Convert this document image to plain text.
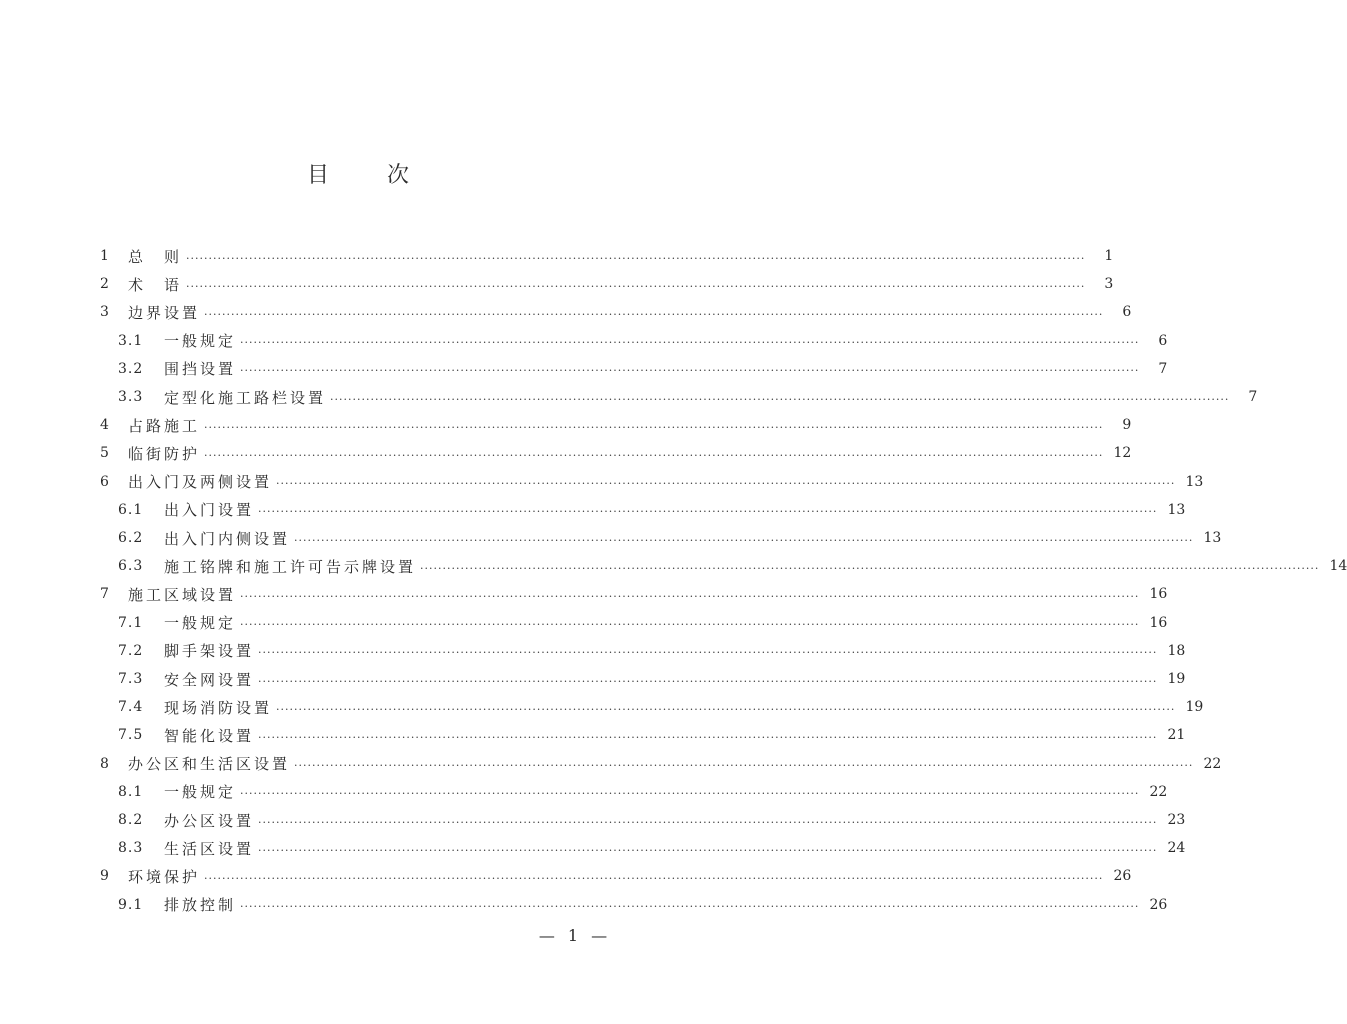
目　次
1	总　则 ········································································································································································································	1
2	术　语 ········································································································································································································	3
3	边界设置 ········································································································································································································	6
3.1	一般规定 ········································································································································································································	6
3.2	围挡设置 ········································································································································································································	7
3.3	定型化施工路栏设置 ········································································································································································································	7
4	占路施工 ········································································································································································································	9
5	临街防护 ········································································································································································································ 12
6	出入门及两侧设置 ········································································································································································································ 13
6.1	出入门设置 ········································································································································································································ 13
6.2	出入门内侧设置 ········································································································································································································ 13
6.3	施工铭牌和施工许可告示牌设置 ········································································································································································································ 14
7	施工区域设置 ········································································································································································································ 16
7.1	一般规定 ········································································································································································································ 16
7.2	脚手架设置 ········································································································································································································ 18
7.3	安全网设置 ········································································································································································································ 19
7.4	现场消防设置 ········································································································································································································ 19
7.5	智能化设置 ········································································································································································································ 21
8	办公区和生活区设置 ········································································································································································································ 22
8.1	一般规定 ········································································································································································································ 22
8.2	办公区设置 ········································································································································································································ 23
8.3	生活区设置 ········································································································································································································ 24
9	环境保护 ········································································································································································································ 26
9.1	排放控制 ········································································································································································································ 26
— 1 —
